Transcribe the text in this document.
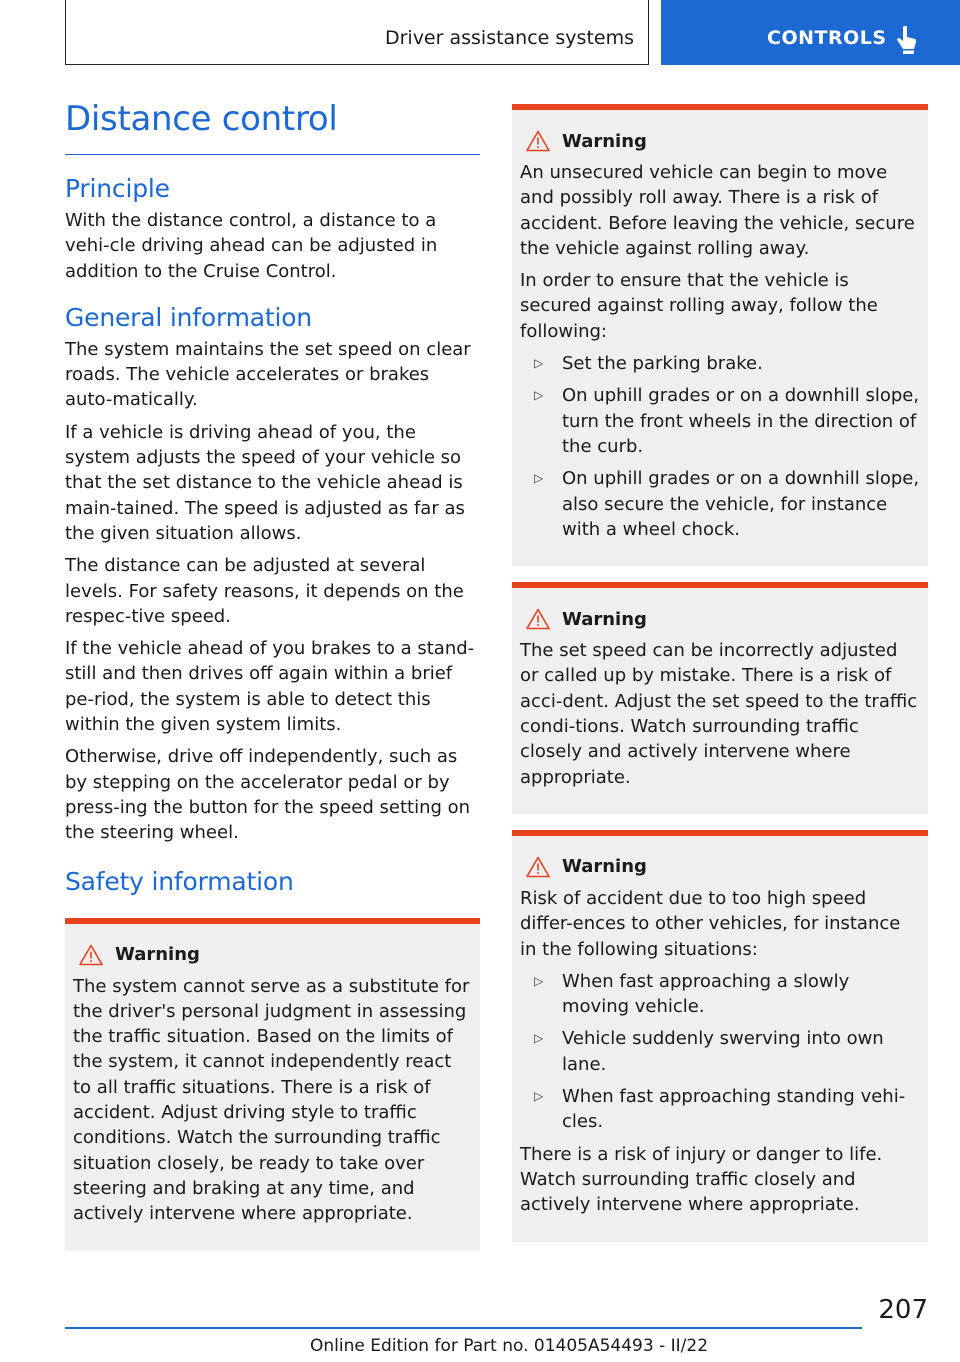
Driver assistance systems	CONTROLS
Distance control
Principle

With the distance control, a distance to a vehi-cle driving ahead can be adjusted in addition to the Cruise Control.

General information

The system maintains the set speed on clear roads. The vehicle accelerates or brakes auto-matically.

If a vehicle is driving ahead of you, the system adjusts the speed of your vehicle so that the set distance to the vehicle ahead is main-tained. The speed is adjusted as far as the given situation allows.

The distance can be adjusted at several levels. For safety reasons, it depends on the respec-tive speed.

If the vehicle ahead of you brakes to a stand-still and then drives off again within a brief pe-riod, the system is able to detect this within the given system limits.

Otherwise, drive off independently, such as by stepping on the accelerator pedal or by press-ing the button for the speed setting on the steering wheel.

Safety information
Warning

The system cannot serve as a substitute for the driver's personal judgment in assessing the traffic situation. Based on the limits of the system, it cannot independently react to all traffic situations. There is a risk of accident. Adjust driving style to traffic conditions. Watch the surrounding traffic situation closely, be ready to take over steering and braking at any time, and actively intervene where appropriate.

Warning

An unsecured vehicle can begin to move and possibly roll away. There is a risk of accident. Before leaving the vehicle, secure the vehicle against rolling away.

In order to ensure that the vehicle is secured against rolling away, follow the following:

▷	Set the parking brake.
▷	On uphill grades or on a downhill slope, turn the front wheels in the direction of the curb.
▷	On uphill grades or on a downhill slope, also secure the vehicle, for instance with a wheel chock.
Warning

The set speed can be incorrectly adjusted or called up by mistake. There is a risk of acci-dent. Adjust the set speed to the traffic condi-tions. Watch surrounding traffic closely and actively intervene where appropriate.

Warning

Risk of accident due to too high speed differ-ences to other vehicles, for instance in the following situations:

▷	When fast approaching a slowly moving vehicle.
▷	Vehicle suddenly swerving into own lane.
▷	When fast approaching standing vehi-cles.

There is a risk of injury or danger to life. Watch surrounding traffic closely and actively intervene where appropriate.

207
Online Edition for Part no. 01405A54493 - II/22
